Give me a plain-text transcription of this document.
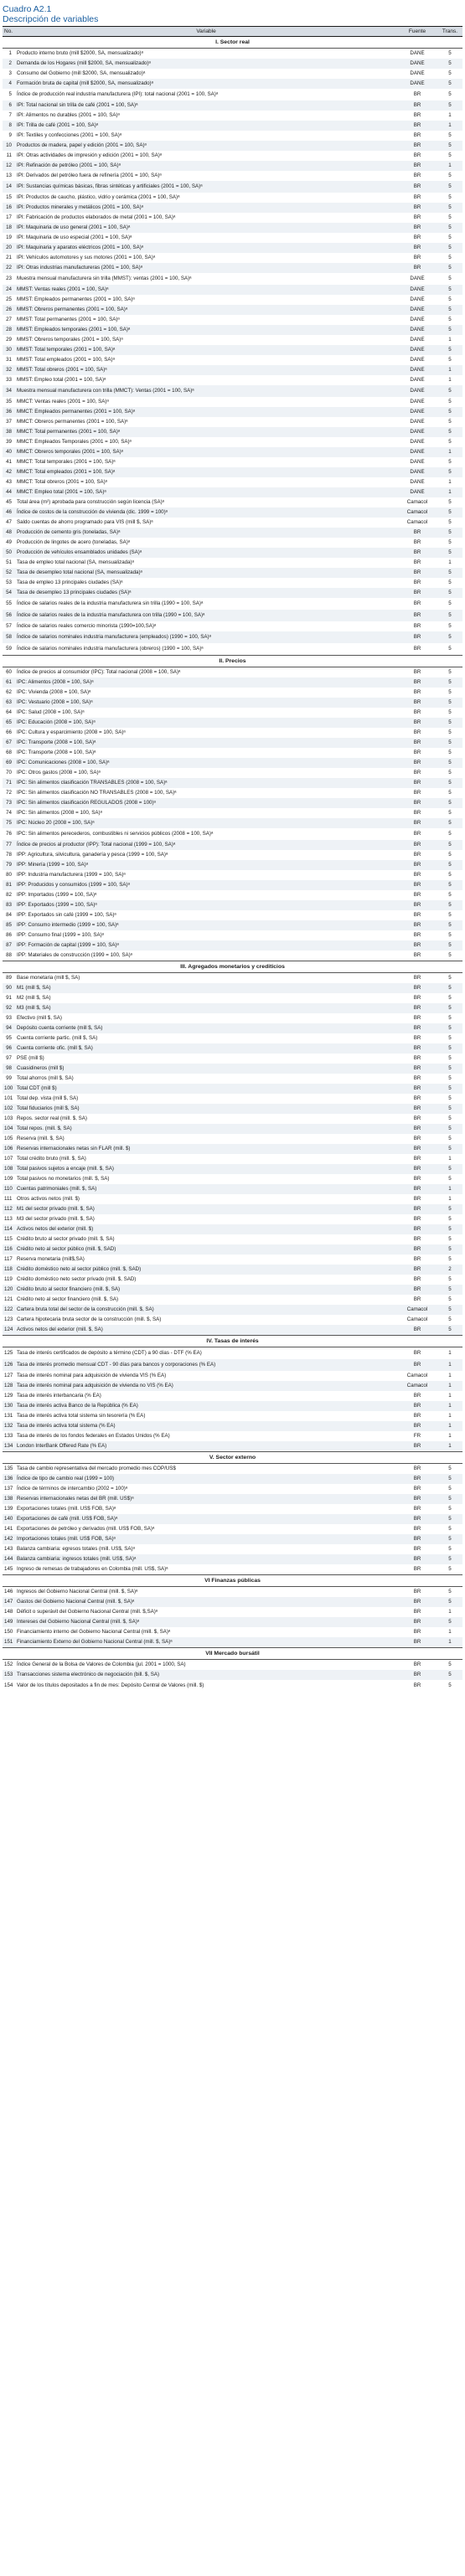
Cuadro A2.1
Descripción de variables
No.	Variable	Fuente	Trans.
I. Sector real			
1	Producto interno bruto (mill $2000, SA, mensualizado)ᵃ	DANE	5
2	Demanda de los Hogares (mill $2000, SA, mensualizado)ᵃ	DANE	5
3	Consumo del Gobierno (mill $2000, SA, mensualizado)ᵃ	DANE	5
4	Formación bruta de capital (mill $2000, SA, mensualizado)ᵃ	DANE	5
5	Índice de producción real industria manufacturera (IPI): total nacional (2001 = 100, SA)ᵃ	BR	5
6	IPI: Total nacional sin trilla de café (2001 = 100, SA)ᵃ	BR	5
7	IPI: Alimentos no durables (2001 = 100, SA)ᵃ	BR	1
8	IPI: Trilla de café (2001 = 100, SA)ᵃ	BR	1
9	IPI: Textiles y confecciones (2001 = 100, SA)ᵃ	BR	5
10	Productos de madera, papel y edición (2001 = 100, SA)ᵃ	BR	5
11	IPI: Otras actividades de impresión y edición (2001 = 100, SA)ᵃ	BR	5
12	IPI: Refinación de petróleo (2001 = 100, SA)ᵃ	BR	1
13	IPI: Derivados del petróleo fuera de refinería (2001 = 100, SA)ᵃ	BR	5
14	IPI: Sustancias químicas básicas, fibras sintéticas y artificiales (2001 = 100, SA)ᵃ	BR	5
15	IPI: Productos de caucho, plástico, vidrio y cerámica (2001 = 100, SA)ᵃ	BR	5
16	IPI: Productos minerales y metálicos (2001 = 100, SA)ᵃ	BR	5
17	IPI: Fabricación de productos elaborados de metal (2001 = 100, SA)ᵃ	BR	5
18	IPI: Maquinaria de uso general (2001 = 100, SA)ᵃ	BR	5
19	IPI: Maquinaria de uso especial (2001 = 100, SA)ᵃ	BR	5
20	IPI: Maquinaria y aparatos eléctricos (2001 = 100, SA)ᵃ	BR	5
21	IPI: Vehículos automotores y sus motores (2001 = 100, SA)ᵃ	BR	5
22	IPI: Otras industrias manufactureras (2001 = 100, SA)ᵃ	BR	5
23	Muestra mensual manufacturera sin trilla (MMST): ventas (2001 = 100, SA)ᵃ	DANE	5
24	MMST: Ventas reales (2001 = 100, SA)ᵃ	DANE	5
25	MMST: Empleados permanentes (2001 = 100, SA)ᵃ	DANE	5
26	MMST: Obreros permanentes (2001 = 100, SA)ᵃ	DANE	5
27	MMST: Total permanentes (2001 = 100, SA)ᵃ	DANE	5
28	MMST: Empleados temporales (2001 = 100, SA)ᵃ	DANE	5
29	MMST: Obreros temporales (2001 = 100, SA)ᵃ	DANE	1
30	MMST: Total temporales (2001 = 100, SA)ᵃ	DANE	5
31	MMST: Total empleados (2001 = 100, SA)ᵃ	DANE	5
32	MMST: Total obreros (2001 = 100, SA)ᵃ	DANE	1
33	MMST: Empleo total (2001 = 100, SA)ᵃ	DANE	1
34	Muestra mensual manufacturera con trilla (MMCT): Ventas (2001 = 100, SA)ᵃ	DANE	5
35	MMCT: Ventas reales (2001 = 100, SA)ᵃ	DANE	5
36	MMCT: Empleados permanentes (2001 = 100, SA)ᵃ	DANE	5
37	MMCT: Obreros permanentes (2001 = 100, SA)ᵃ	DANE	5
38	MMCT: Total permanentes (2001 = 100, SA)ᵃ	DANE	5
39	MMCT: Empleados Temporales (2001 = 100, SA)ᵃ	DANE	5
40	MMCT: Obreros temporales (2001 = 100, SA)ᵃ	DANE	1
41	MMCT: Total temporales (2001 = 100, SA)ᵃ	DANE	5
42	MMCT: Total empleados (2001 = 100, SA)ᵃ	DANE	5
43	MMCT: Total obreros (2001 = 100, SA)ᵃ	DANE	1
44	MMCT: Empleo total (2001 = 100, SA)ᵃ	DANE	1
45	Total área (m²) aprobada para construcción según licencia (SA)ᵃ	Camacol	5
46	Índice de costos de la construcción de vivienda (dic. 1999 = 100)ᵃ	Camacol	5
47	Saldo cuentas de ahorro programado para VIS (mill $, SA)ᵃ	Camacol	5
48	Producción de cemento gris (toneladas, SA)ᵃ	BR	5
49	Producción de lingotes de acero (toneladas, SA)ᵃ	BR	5
50	Producción de vehículos ensamblados unidades (SA)ᵃ	BR	5
51	Tasa de empleo total nacional (SA, mensualizada)ᵃ	BR	1
52	Tasa de desempleo total nacional (SA, mensualizada)ᵃ	BR	5
53	Tasa de empleo 13 principales ciudades (SA)ᵃ	BR	5
54	Tasa de desempleo 13 principales ciudades (SA)ᵃ	BR	5
55	Índice de salarios reales de la industria manufacturera sin trilla (1990 = 100, SA)ᵃ	BR	5
56	Índice de salarios reales de la industria manufacturera con trilla (1990 = 100, SA)ᵃ	BR	5
57	Índice de salarios reales comercio minorista (1990=100,SA)ᵃ	BR	5
58	Índice de salarios nominales industria manufacturera (empleados) (1990 = 100, SA)ᵃ	BR	5
59	Índice de salarios nominales industria manufacturera (obreros) (1990 = 100, SA)ᵃ	BR	5
II. Precios			
60	Índice de precios al consumidor (IPC): Total nacional (2008 = 100, SA)ᵃ	BR	5
61	IPC: Alimentos (2008 = 100, SA)ᵃ	BR	5
62	IPC: Vivienda (2008 = 100, SA)ᵃ	BR	5
63	IPC: Vestuario (2008 = 100, SA)ᵃ	BR	5
64	IPC: Salud (2008 = 100, SA)ᵃ	BR	5
65	IPC: Educación (2008 = 100, SA)ᵃ	BR	5
66	IPC: Cultura y esparcimiento (2008 = 100, SA)ᵃ	BR	5
67	IPC: Transporte (2008 = 100, SA)ᵃ	BR	5
68	IPC: Transporte (2008 = 100, SA)ᵃ	BR	5
69	IPC: Comunicaciones (2008 = 100, SA)ᵃ	BR	5
70	IPC: Otros gastos (2008 = 100, SA)ᵃ	BR	5
71	IPC: Sin alimentos clasificación TRANSABLES (2008 = 100, SA)ᵃ	BR	5
72	IPC: Sin alimentos clasificación NO TRANSABLES (2008 = 100, SA)ᵃ	BR	5
73	IPC: Sin alimentos clasificación REGULADOS (2008 = 100)ᵃ	BR	5
74	IPC: Sin alimentos (2008 = 100, SA)ᵃ	BR	5
75	IPC: Núcleo 20 (2008 = 100, SA)ᵃ	BR	5
76	IPC: Sin alimentos perecederos, combustibles ni servicios públicos (2008 = 100, SA)ᵃ	BR	5
77	Índice de precios al productor (IPP): Total nacional (1999 = 100, SA)ᵃ	BR	5
78	IPP: Agricultura, silvicultura, ganadería y pesca (1999 = 100, SA)ᵃ	BR	5
79	IPP: Minería (1999 = 100, SA)ᵃ	BR	5
80	IPP: Industria manufacturera (1999 = 100, SA)ᵃ	BR	5
81	IPP: Producidos y consumidos (1999 = 100, SA)ᵃ	BR	5
82	IPP: Importados (1999 = 100, SA)ᵃ	BR	5
83	IPP: Exportados (1999 = 100, SA)ᵃ	BR	5
84	IPP: Exportados sin café (1999 = 100, SA)ᵃ	BR	5
85	IPP: Consumo intermedio (1999 = 100, SA)ᵃ	BR	5
86	IPP: Consumo final (1999 = 100, SA)ᵃ	BR	5
87	IPP: Formación de capital (1999 = 100, SA)ᵃ	BR	5
88	IPP: Materiales de construcción (1999 = 100, SA)ᵃ	BR	5
III. Agregados monetarios y crediticios			
89	Base monetaria (mill $, SA)	BR	5
90	M1 (mill $, SA)	BR	5
91	M2 (mill $, SA)	BR	5
92	M3 (mill $, SA)	BR	5
93	Efectivo (mill $, SA)	BR	5
94	Depósito cuenta corriente (mill $, SA)	BR	5
95	Cuenta corriente partic. (mill $, SA)	BR	5
96	Cuenta corriente ofic. (mill $, SA)	BR	5
97	PSE (mill $)	BR	5
98	Cuasidineros (mill $)	BR	5
99	Total ahorros (mill $, SA)	BR	5
100	Total CDT (mill $)	BR	5
101	Total dep. vista (mill $, SA)	BR	5
102	Total fiduciarios (mill $, SA)	BR	5
103	Repos. sector real (mill. $, SA)	BR	5
104	Total repos. (mill. $, SA)	BR	5
105	Reserva (mill. $, SA)	BR	5
106	Reservas internacionales netas sin FLAR (mill. $)	BR	5
107	Total crédito bruto (mill. $, SA)	BR	1
108	Total pasivos sujetos a encaje (mill. $, SA)	BR	5
109	Total pasivos no monetarios (mill. $, SA)	BR	5
110	Cuentas patrimoniales (mill. $, SA)	BR	1
111	Otros activos netos (mill. $)	BR	1
112	M1 del sector privado (mill. $, SA)	BR	5
113	M3 del sector privado (mill. $, SA)	BR	5
114	Activos netos del exterior (mill. $)	BR	5
115	Crédito bruto al sector privado (mill. $, SA)	BR	5
116	Crédito neto al sector público (mill. $, SAD)	BR	5
117	Reserva monetaria (mill$,SA)	BR	5
118	Crédito doméstico neto al sector público (mill. $, SAD)	BR	2
119	Crédito doméstico neto sector privado (mill. $, SAD)	BR	5
120	Crédito bruto al sector financiero (mill. $, SA)	BR	5
121	Crédito neto al sector financiero (mill. $, SA)	BR	5
122	Cartera bruta total del sector de la construcción (mill. $, SA)	Camacol	5
123	Cartera hipotecaria bruta sector de la construcción (mill. $, SA)	Camacol	5
124	Activos netos del exterior (mill. $, SA)	BR	5
IV. Tasas de interés			
125	Tasa de interés certificados de depósito a término (CDT) a 90 días - DTF (% EA)	BR	1
126	Tasa de interés promedio mensual CDT - 90 días para bancos y corporaciones (% EA)	BR	1
127	Tasa de interés nominal para adquisición de vivienda VIS (% EA)	Camacol	1
128	Tasa de interés nominal para adquisición de vivienda no VIS (% EA)	Camacol	1
129	Tasa de interés interbancaria (% EA)	BR	1
130	Tasa de interés activa Banco de la República (% EA)	BR	1
131	Tasa de interés activa total sistema sin tesorería (% EA)	BR	1
132	Tasa de interés activa total sistema (% EA)	BR	1
133	Tasa de interés de los fondos federales en Estados Unidos (% EA)	FR	1
134	London InterBank Offered Rate (% EA)	BR	1
V. Sector externo			
135	Tasa de cambio representativa del mercado promedio mes COP/US$	BR	5
136	Índice de tipo de cambio real (1999 = 100)	BR	5
137	Índice de términos de intercambio (2002 = 100)ᵃ	BR	5
138	Reservas internacionales netas del BR (mill. US$)ᵃ	BR	5
139	Exportaciones totales (mill. US$ FOB, SA)ᵃ	BR	5
140	Exportaciones de café (mill. US$ FOB, SA)ᵃ	BR	5
141	Exportaciones de petróleo y derivados (mill. US$ FOB, SA)ᵃ	BR	5
142	Importaciones totales (mill. US$ FOB, SA)ᵃ	BR	5
143	Balanza cambiaria: egresos totales (mill. US$, SA)ᵃ	BR	5
144	Balanza cambiaria: ingresos totales (mill. US$, SA)ᵃ	BR	5
145	Ingreso de remesas de trabajadores en Colombia (mill. US$, SA)ᵃ	BR	5
VI Finanzas públicas			
146	Ingresos del Gobierno Nacional Central (mill. $, SA)ᵃ	BR	5
147	Gastos del Gobierno Nacional Central (mill. $, SA)ᵃ	BR	5
148	Déficit o superávit del Gobierno Nacional Central (mill. $,SA)ᵃ	BR	1
149	Intereses del Gobierno Nacional Central (mill. $, SA)ᵃ	BR	5
150	Financiamiento interno del Gobierno Nacional Central (mill. $, SA)ᵃ	BR	1
151	Financiamiento Externo del Gobierno Nacional Central (mill. $, SA)ᵃ	BR	1
VII Mercado bursátil			
152	Índice General de la Bolsa de Valores de Colombia (jul. 2001 = 1000, SA)	BR	5
153	Transacciones sistema electrónico de negociación (bill. $, SA)	BR	5
154	Valor de los títulos depositados a fin de mes: Depósito Central de Valores (mill. $)	BR	5
